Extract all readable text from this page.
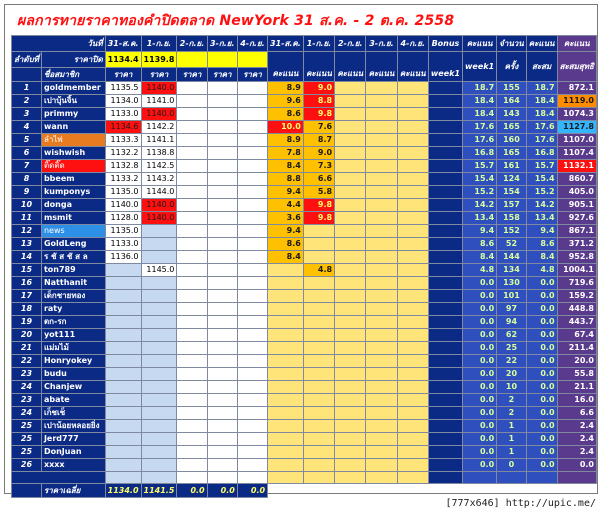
ผลการทายราคาทองคำปิดตลาด NewYork 31 ส.ค. - 2 ต.ค. 2558
วันที่		31-ส.ค.	1-ก.ย.	2-ก.ย.	3-ก.ย.	4-ก.ย.	31-ส.ค.	1-ก.ย.	2-ก.ย.	3-ก.ย.	4-ก.ย.	Bonus	คะแนน	จำนวน	คะแนน	คะแนน
ลำดับที่	ราคาปิด	1134.4	1139.8				คะแนน	คะแนน	คะแนน	คะแนน	คะแนน	week1	week1	ครั้ง	สะสม	สะสมสุทธิ
	ชื่อสมาชิก	ราคา	ราคา	ราคา	ราคา	ราคา										
1	goldmember	1135.5	1140.0				8.9	9.0					18.7	155	18.7	872.1
2	เปาบุ้นจิ้น	1134.0	1141.0				9.6	8.8					18.4	164	18.4	1119.0
3	primmy	1133.0	1140.0				8.6	9.8					18.4	143	18.4	1074.3
4	wann	1134.6	1142.2				10.0	7.6					17.6	165	17.6	1127.8
5	ลำไพ่	1133.3	1141.1				8.9	8.7					17.6	160	17.6	1107.0
6	wishwish	1132.2	1138.8				7.8	9.0					16.8	165	16.8	1107.4
7	ติ๊ดติ๊ด	1132.8	1142.5				8.4	7.3					15.7	161	15.7	1132.1
8	bbeem	1133.2	1143.2				8.8	6.6					15.4	124	15.4	860.7
9	kumponys	1135.0	1144.0				9.4	5.8					15.2	154	15.2	405.0
10	donga	1140.0	1140.0				4.4	9.8					14.2	157	14.2	905.1
11	msmit	1128.0	1140.0				3.6	9.8					13.4	158	13.4	927.6
12	news	1135.0					9.4						9.4	152	9.4	867.1
13	GoldLeng	1133.0					8.6						8.6	52	8.6	371.2
14	ร ชั ส ชั ส ล	1136.0					8.4						8.4	144	8.4	952.8
15	ton789		1145.0					4.8					4.8	134	4.8	1004.1
16	Natthanit												0.0	130	0.0	719.6
17	เด็กชายทอง												0.0	101	0.0	159.2
18	raty												0.0	97	0.0	448.8
19	ตก-รก												0.0	94	0.0	443.7
20	yot111												0.0	62	0.0	67.4
21	แม่มไม้												0.0	25	0.0	211.4
22	Honryokey												0.0	22	0.0	20.0
23	budu												0.0	20	0.0	55.8
24	Chanjew												0.0	10	0.0	21.1
23	abate												0.0	2	0.0	16.0
24	เก็ชเช็												0.0	2	0.0	6.6
25	เปาน้อยหลอยยิ่ง												0.0	1	0.0	2.4
25	Jerd777												0.0	1	0.0	2.4
25	DonJuan												0.0	1	0.0	2.4
26	xxxx												0.0	0	0.0	0.0

	ราคาเฉลี่ย	1134.0	1141.5	0.0	0.0	0.0										
[777x646] http://upic.me/
